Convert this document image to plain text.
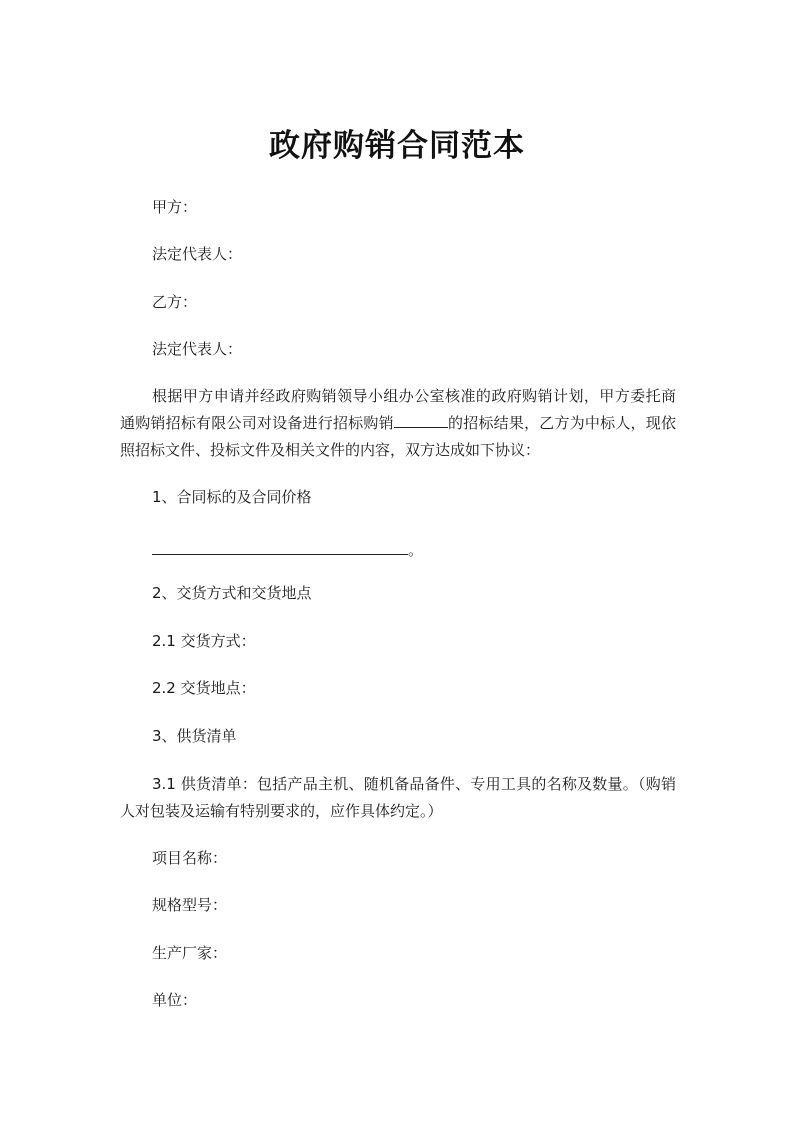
政府购销合同范本
甲方：
法定代表人：
乙方：
法定代表人：
根据甲方申请并经政府购销领导小组办公室核准的政府购销计划，甲方委托商通购销招标有限公司对设备进行招标购销	的招标结果，乙方为中标人，现依照招标文件、投标文件及相关文件的内容，双方达成如下协议：
1、合同标的及合同价格
。
2、交货方式和交货地点
2.1 交货方式：
2.2 交货地点：
3、供货清单
3.1 供货清单：包括产品主机、随机备品备件、专用工具的名称及数量。（购销人对包装及运输有特别要求的，应作具体约定。）
项目名称：
规格型号：
生产厂家：
单位：
